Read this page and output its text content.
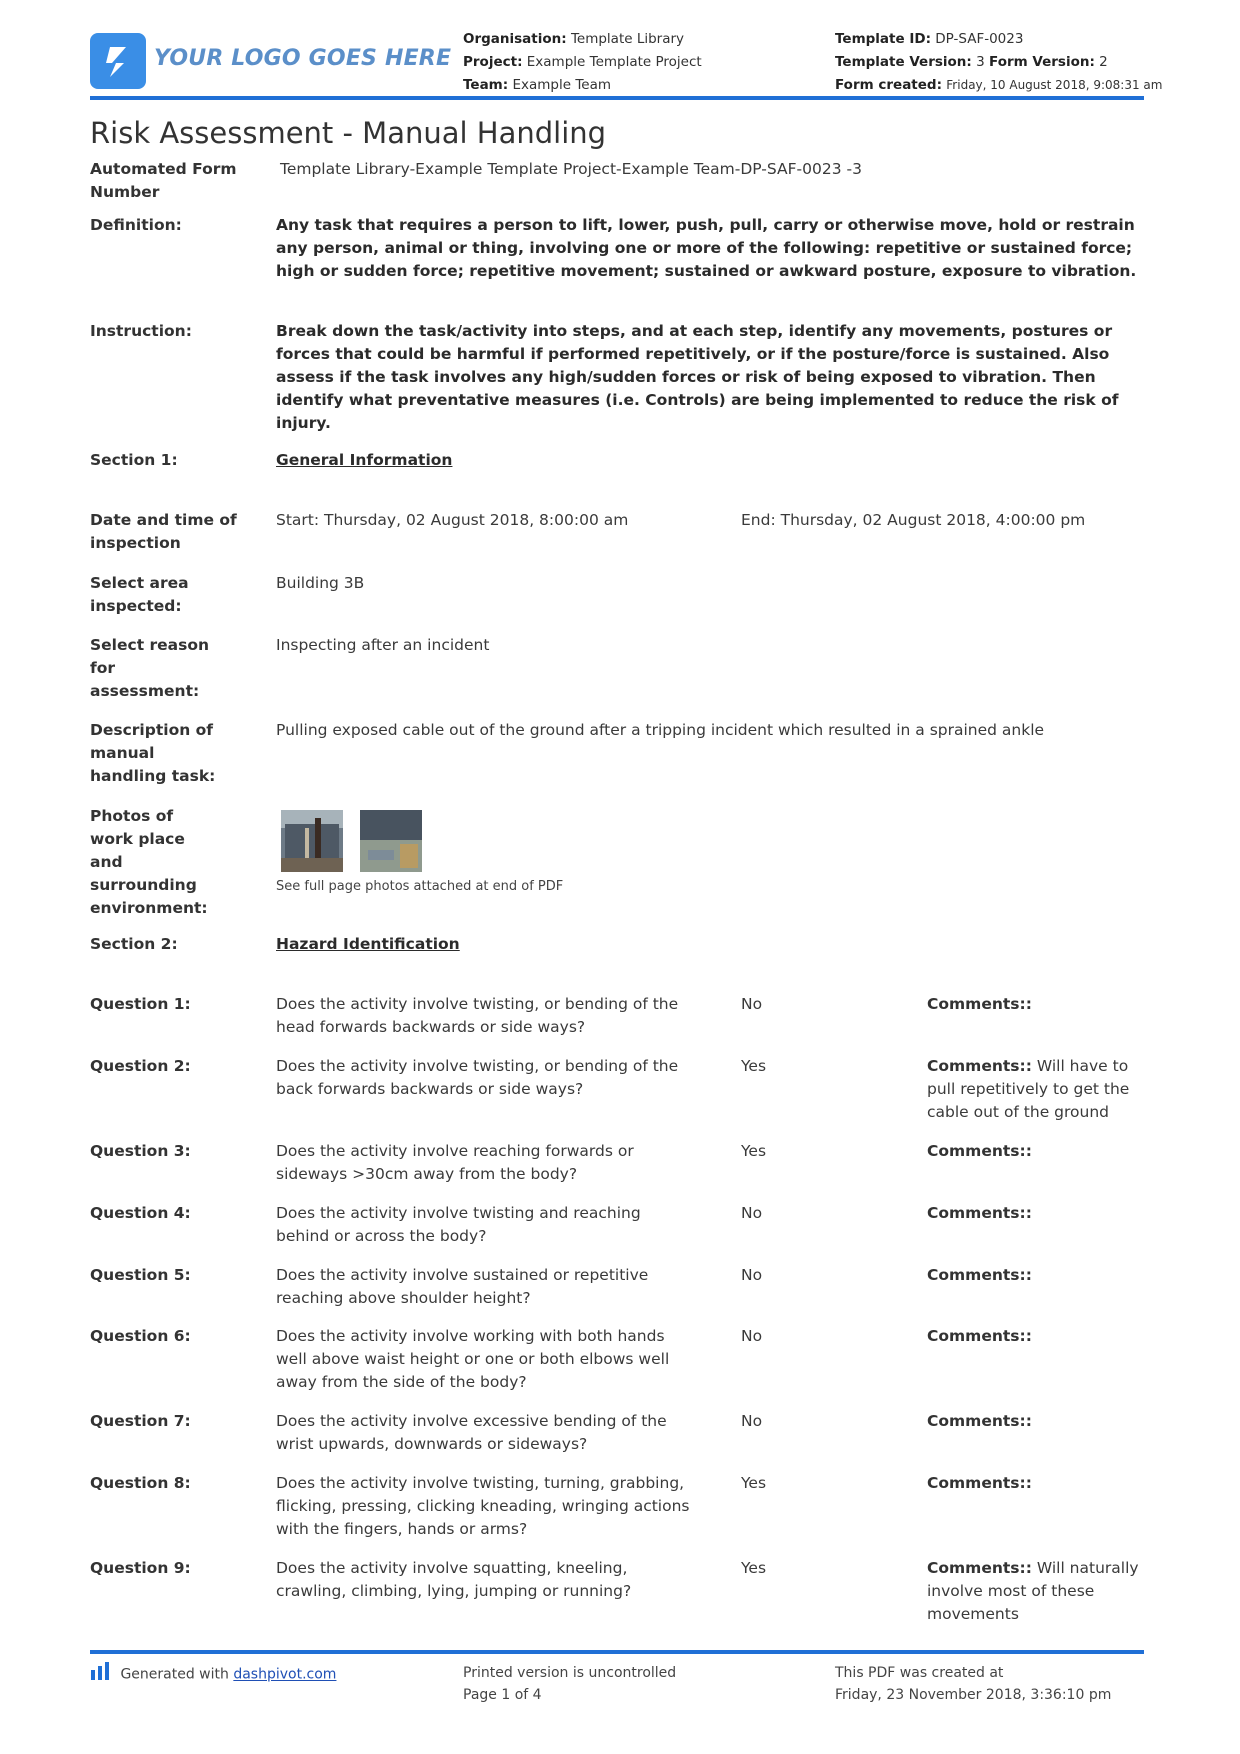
YOUR LOGO GOES HERE
Organisation: Template Library
Project: Example Template Project
Team: Example Team
Template ID: DP-SAF-0023
Template Version: 3 Form Version: 2
Form created: Friday, 10 August 2018, 9:08:31 am
Risk Assessment - Manual Handling
Automated Form Number
Template Library-Example Template Project-Example Team-DP-SAF-0023 -3
Definition:	Any task that requires a person to lift, lower, push, pull, carry or otherwise move, hold or restrain any person, animal or thing, involving one or more of the following: repetitive or sustained force; high or sudden force; repetitive movement; sustained or awkward posture, exposure to vibration.
Instruction:	Break down the task/activity into steps, and at each step, identify any movements, postures or forces that could be harmful if performed repetitively, or if the posture/force is sustained. Also assess if the task involves any high/sudden forces or risk of being exposed to vibration. Then identify what preventative measures (i.e. Controls) are being implemented to reduce the risk of injury.
Section 1:	General Information
Date and time of inspection
Start: Thursday, 02 August 2018, 8:00:00 am	End: Thursday, 02 August 2018, 4:00:00 pm
Select area inspected:
Building 3B
Select reason for assessment:
Inspecting after an incident
Description of manual handling task:
Pulling exposed cable out of the ground after a tripping incident which resulted in a sprained ankle
Photos of work place and surrounding environment:
See full page photos attached at end of PDF
Section 2:	Hazard Identification
Question 1:	Does the activity involve twisting, or bending of the head forwards backwards or side ways?
No	Comments::
Question 2:	Does the activity involve twisting, or bending of the back forwards backwards or side ways?
Yes	Comments:: Will have to pull repetitively to get the cable out of the ground
Question 3:	Does the activity involve reaching forwards or sideways >30cm away from the body?
Yes	Comments::
Question 4:	Does the activity involve twisting and reaching behind or across the body?
No	Comments::
Question 5:	Does the activity involve sustained or repetitive reaching above shoulder height?
No	Comments::
Question 6:	Does the activity involve working with both hands well above waist height or one or both elbows well away from the side of the body?
No	Comments::
Question 7:	Does the activity involve excessive bending of the wrist upwards, downwards or sideways?
No	Comments::
Question 8:	Does the activity involve twisting, turning, grabbing, flicking, pressing, clicking kneading, wringing actions with the fingers, hands or arms?
Yes	Comments::
Question 9:	Does the activity involve squatting, kneeling, crawling, climbing, lying, jumping or running?
Yes	Comments:: Will naturally involve most of these movements
Generated with dashpivot.com	Printed version is uncontrolled
Page 1 of 4
This PDF was created at
Friday, 23 November 2018, 3:36:10 pm
